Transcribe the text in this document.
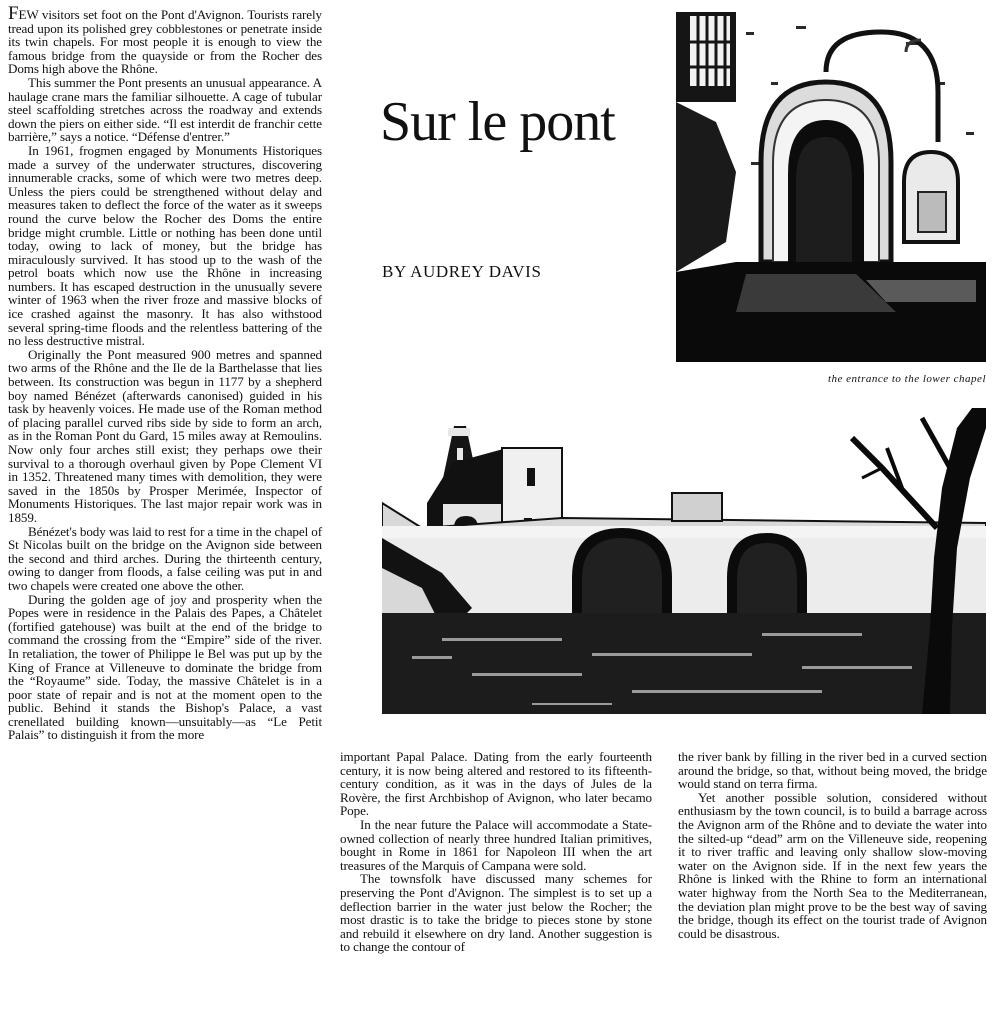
Sur le pont
BY AUDREY DAVIS

FEW visitors set foot on the Pont d'Avignon. Tourists rarely tread upon its polished grey cobblestones or penetrate inside its twin chapels. For most people it is enough to view the famous bridge from the quayside or from the Rocher des Doms high above the Rhône.

This summer the Pont presents an unusual appearance. A haulage crane mars the familiar silhouette. A cage of tubular steel scaffolding stretches across the roadway and extends down the piers on either side. “Il est interdit de franchir cette barrière,” says a notice. “Défense d'entrer.”

In 1961, frogmen engaged by Monuments Historiques made a survey of the underwater structures, discovering innumerable cracks, some of which were two metres deep. Unless the piers could be strengthened without delay and measures taken to deflect the force of the water as it sweeps round the curve below the Rocher des Doms the entire bridge might crumble. Little or nothing has been done until today, owing to lack of money, but the bridge has miraculously survived. It has stood up to the wash of the petrol boats which now use the Rhône in increasing numbers. It has escaped destruction in the unusually severe winter of 1963 when the river froze and massive blocks of ice crashed against the masonry. It has also withstood several spring-time floods and the relentless battering of the no less destructive mistral.

Originally the Pont measured 900 metres and spanned two arms of the Rhône and the Ile de la Barthelasse that lies between. Its construction was begun in 1177 by a shepherd boy named Bénézet (afterwards canonised) guided in his task by heavenly voices. He made use of the Roman method of placing parallel curved ribs side by side to form an arch, as in the Roman Pont du Gard, 15 miles away at Remoulins. Now only four arches still exist; they perhaps owe their survival to a thorough overhaul given by Pope Clement VI in 1352. Threatened many times with demolition, they were saved in the 1850s by Prosper Merimée, Inspector of Monuments Historiques. The last major repair work was in 1859.

Bénézet's body was laid to rest for a time in the chapel of St Nicolas built on the bridge on the Avignon side between the second and third arches. During the thirteenth century, owing to danger from floods, a false ceiling was put in and two chapels were created one above the other.

During the golden age of joy and prosperity when the Popes were in residence in the Palais des Papes, a Châtelet (fortified gatehouse) was built at the end of the bridge to command the crossing from the “Empire” side of the river. In retaliation, the tower of Philippe le Bel was put up by the King of France at Villeneuve to dominate the bridge from the “Royaume” side. Today, the massive Châtelet is in a poor state of repair and is not at the moment open to the public. Behind it stands the Bishop's Palace, a vast crenellated building known—unsuitably—as “Le Petit Palais” to distinguish it from the more

important Papal Palace. Dating from the early fourteenth century, it is now being altered and restored to its fifteenth-century condition, as it was in the days of Jules de la Rovère, the first Archbishop of Avignon, who later becamo Pope.

In the near future the Palace will accommodate a State-owned collection of nearly three hundred Italian primitives, bought in Rome in 1861 for Napoleon III when the art treasures of the Marquis of Campana were sold.

The townsfolk have discussed many schemes for preserving the Pont d'Avignon. The simplest is to set up a deflection barrier in the water just below the Rocher; the most drastic is to take the bridge to pieces stone by stone and rebuild it elsewhere on dry land. Another suggestion is to change the contour of

the river bank by filling in the river bed in a curved section around the bridge, so that, without being moved, the bridge would stand on terra firma.

Yet another possible solution, considered without enthusiasm by the town council, is to build a barrage across the Avignon arm of the Rhône and to deviate the water into the silted-up “dead” arm on the Villeneuve side, reopening it to river traffic and leaving only shallow slow-moving water on the Avignon side. If in the next few years the Rhône is linked with the Rhine to form an international water highway from the North Sea to the Mediterranean, the deviation plan might prove to be the best way of saving the bridge, though its effect on the tourist trade of Avignon could be disastrous.

the entrance to the lower chapel
